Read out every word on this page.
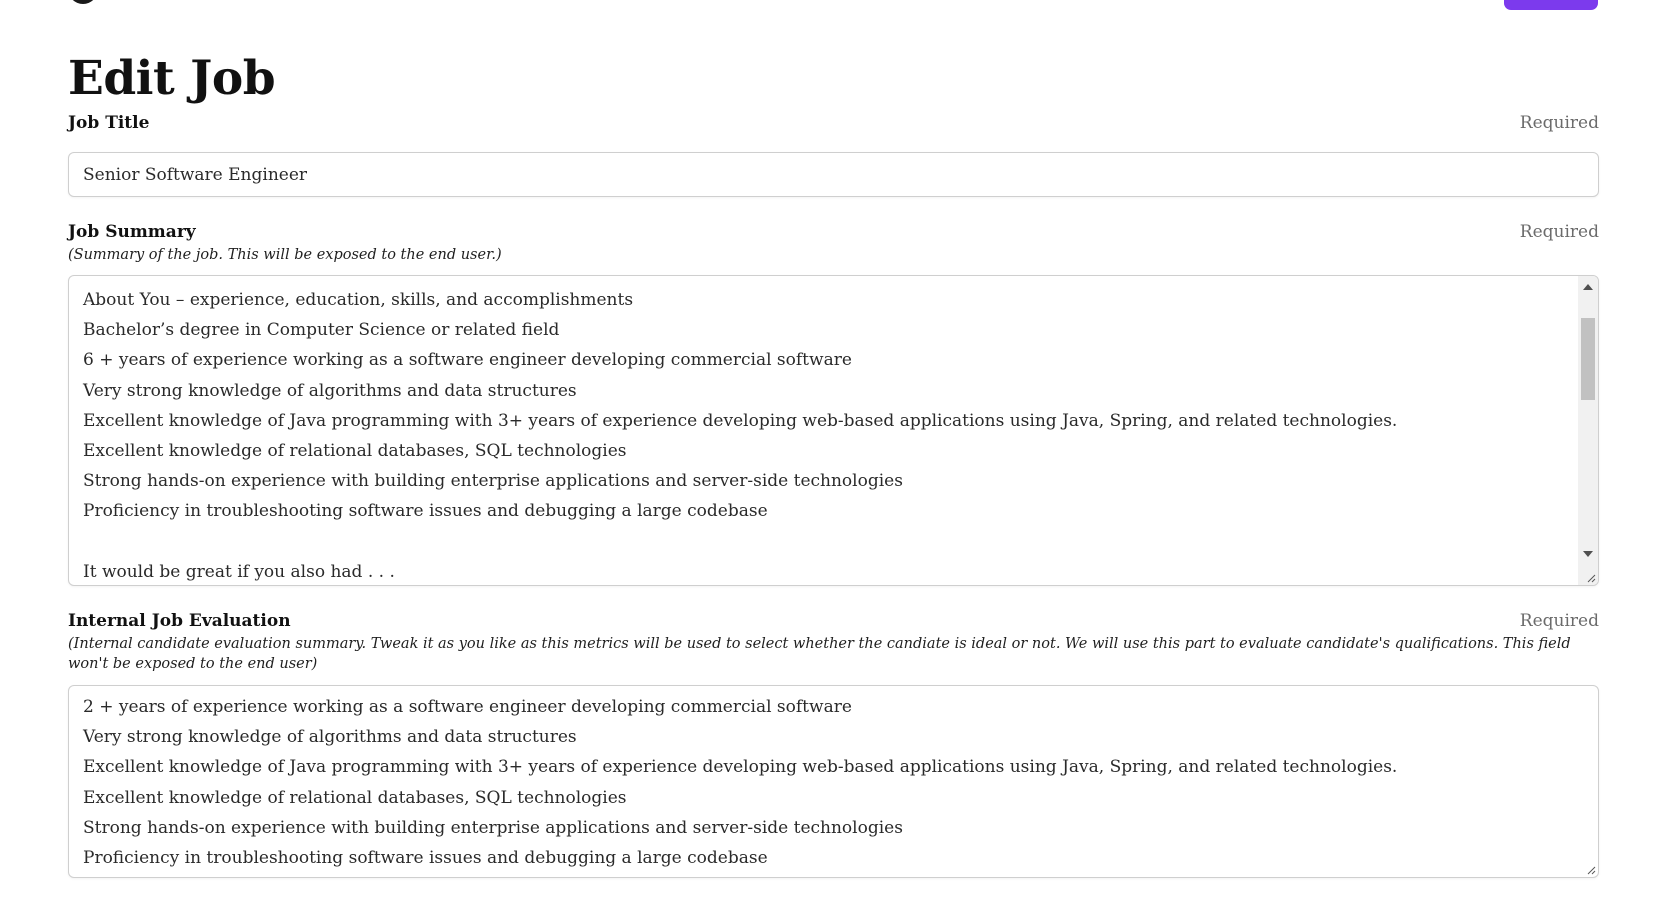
Edit Job
Job Title	Required
Senior Software Engineer
Job Summary	Required
(Summary of the job. This will be exposed to the end user.)
About You – experience, education, skills, and accomplishments
Bachelor’s degree in Computer Science or related field
6 + years of experience working as a software engineer developing commercial software
Very strong knowledge of algorithms and data structures
Excellent knowledge of Java programming with 3+ years of experience developing web-based applications using Java, Spring, and related technologies.
Excellent knowledge of relational databases, SQL technologies
Strong hands-on experience with building enterprise applications and server-side technologies
Proficiency in troubleshooting software issues and debugging a large codebase
It would be great if you also had . . .
Internal Job Evaluation	Required
(Internal candidate evaluation summary. Tweak it as you like as this metrics will be used to select whether the candiate is ideal or not. We will use this part to evaluate candidate's qualifications. This field won't be exposed to the end user)
2 + years of experience working as a software engineer developing commercial software
Very strong knowledge of algorithms and data structures
Excellent knowledge of Java programming with 3+ years of experience developing web-based applications using Java, Spring, and related technologies.
Excellent knowledge of relational databases, SQL technologies
Strong hands-on experience with building enterprise applications and server-side technologies
Proficiency in troubleshooting software issues and debugging a large codebase
